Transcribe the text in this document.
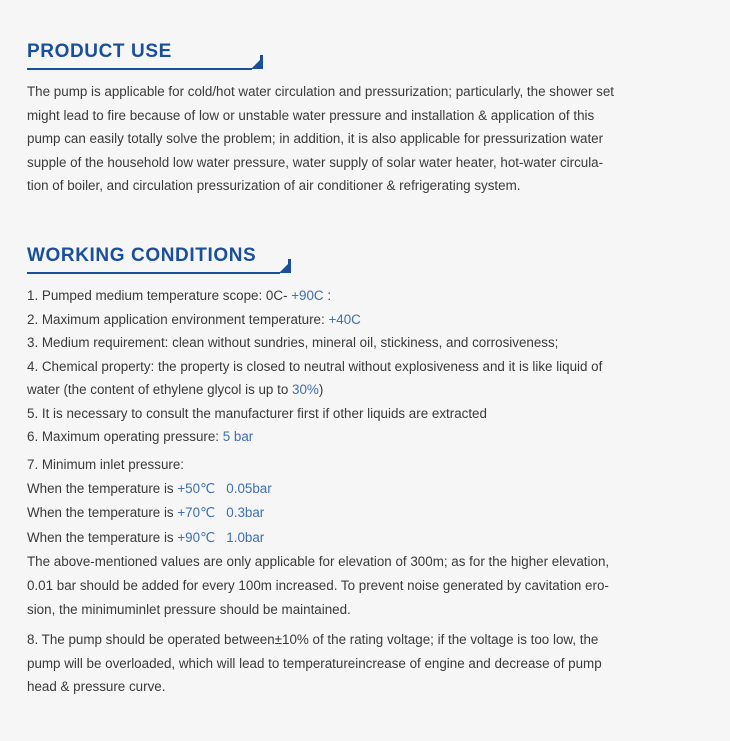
PRODUCT USE

The pump is applicable for cold/hot water circulation and pressurization; particularly, the shower set

might lead to fire because of low or unstable water pressure and installation & application of this

pump can easily totally solve the problem; in addition, it is also applicable for pressurization water

supple of the household low water pressure, water supply of solar water heater, hot-water circula-

tion of boiler, and circulation pressurization of air conditioner & refrigerating system.

WORKING CONDITIONS

1. Pumped medium temperature scope: 0C- +90C :

2. Maximum application environment temperature: +40C

3. Medium requirement: clean without sundries, mineral oil, stickiness, and corrosiveness;

4. Chemical property: the property is closed to neutral without explosiveness and it is like liquid of

water (the content of ethylene glycol is up to 30%)

5. It is necessary to consult the manufacturer first if other liquids are extracted

6. Maximum operating pressure: 5 bar

7. Minimum inlet pressure:

When the temperature is +50℃ 0.05bar

When the temperature is +70℃ 0.3bar

When the temperature is +90℃ 1.0bar

The above-mentioned values are only applicable for elevation of 300m; as for the higher elevation,

0.01 bar should be added for every 100m increased. To prevent noise generated by cavitation ero-

sion, the minimuminlet pressure should be maintained.

8. The pump should be operated between±10% of the rating voltage; if the voltage is too low, the

pump will be overloaded, which will lead to temperatureincrease of engine and decrease of pump

head & pressure curve.
